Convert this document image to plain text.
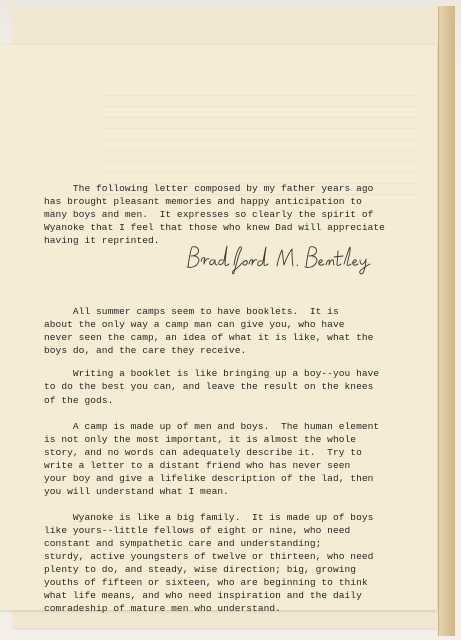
The following letter composed by my father years ago

has brought pleasant memories and happy anticipation to

many boys and men.  It expresses so clearly the spirit of

Wyanoke that I feel that those who knew Dad will appreciate

having it reprinted.

All summer camps seem to have booklets.  It is

about the only way a camp man can give you, who have

never seen the camp, an idea of what it is like, what the

boys do, and the care they receive.

Writing a booklet is like bringing up a boy--you have

to do the best you can, and leave the result on the knees

of the gods.

A camp is made up of men and boys.  The human element

is not only the most important, it is almost the whole

story, and no words can adequately describe it.  Try to

write a letter to a distant friend who has never seen

your boy and give a lifelike description of the lad, then

you will understand what I mean.

Wyanoke is like a big family.  It is made up of boys

like yours--little fellows of eight or nine, who need

constant and sympathetic care and understanding;

sturdy, active youngsters of twelve or thirteen, who need

plenty to do, and steady, wise direction; big, growing

youths of fifteen or sixteen, who are beginning to think

what life means, and who need inspiration and the daily

comradeship of mature men who understand.
